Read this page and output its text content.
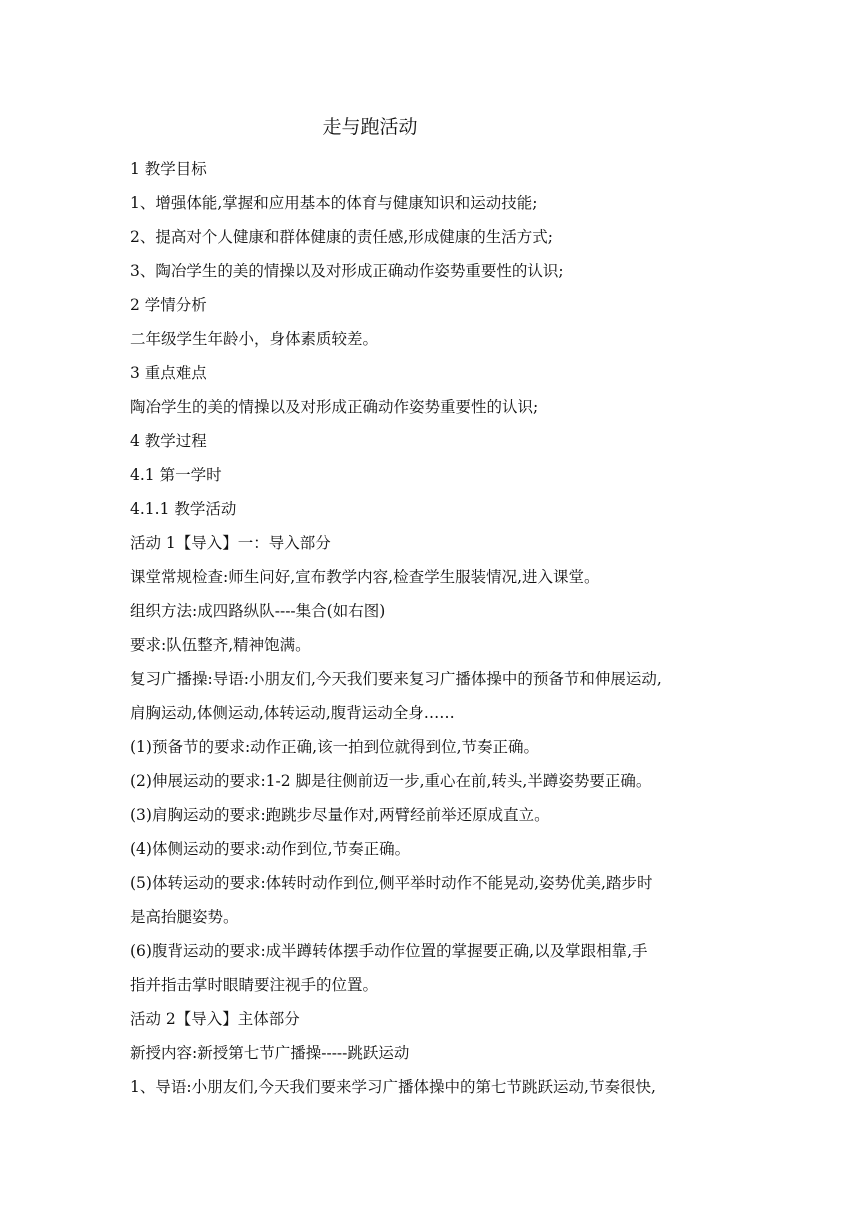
走与跑活动

1 教学目标

1、增强体能,掌握和应用基本的体育与健康知识和运动技能;

2、提高对个人健康和群体健康的责任感,形成健康的生活方式;

3、陶冶学生的美的情操以及对形成正确动作姿势重要性的认识;

2 学情分析

二年级学生年龄小，身体素质较差。

3 重点难点

陶冶学生的美的情操以及对形成正确动作姿势重要性的认识;

4 教学过程

4.1 第一学时

4.1.1 教学活动

活动 1【导入】一：导入部分

课堂常规检查:师生问好,宣布教学内容,检查学生服装情况,进入课堂。

组织方法:成四路纵队----集合(如右图)

要求:队伍整齐,精神饱满。

复习广播操:导语:小朋友们,今天我们要来复习广播体操中的预备节和伸展运动,

肩胸运动,体侧运动,体转运动,腹背运动全身……

(1)预备节的要求:动作正确,该一拍到位就得到位,节奏正确。

(2)伸展运动的要求:1-2 脚是往侧前迈一步,重心在前,转头,半蹲姿势要正确。

(3)肩胸运动的要求:跑跳步尽量作对,两臂经前举还原成直立。

(4)体侧运动的要求:动作到位,节奏正确。

(5)体转运动的要求:体转时动作到位,侧平举时动作不能晃动,姿势优美,踏步时

是高抬腿姿势。

(6)腹背运动的要求:成半蹲转体摆手动作位置的掌握要正确,以及掌跟相靠,手

指并指击掌时眼睛要注视手的位置。

活动 2【导入】主体部分

新授内容:新授第七节广播操-----跳跃运动

1、导语:小朋友们,今天我们要来学习广播体操中的第七节跳跃运动,节奏很快,
